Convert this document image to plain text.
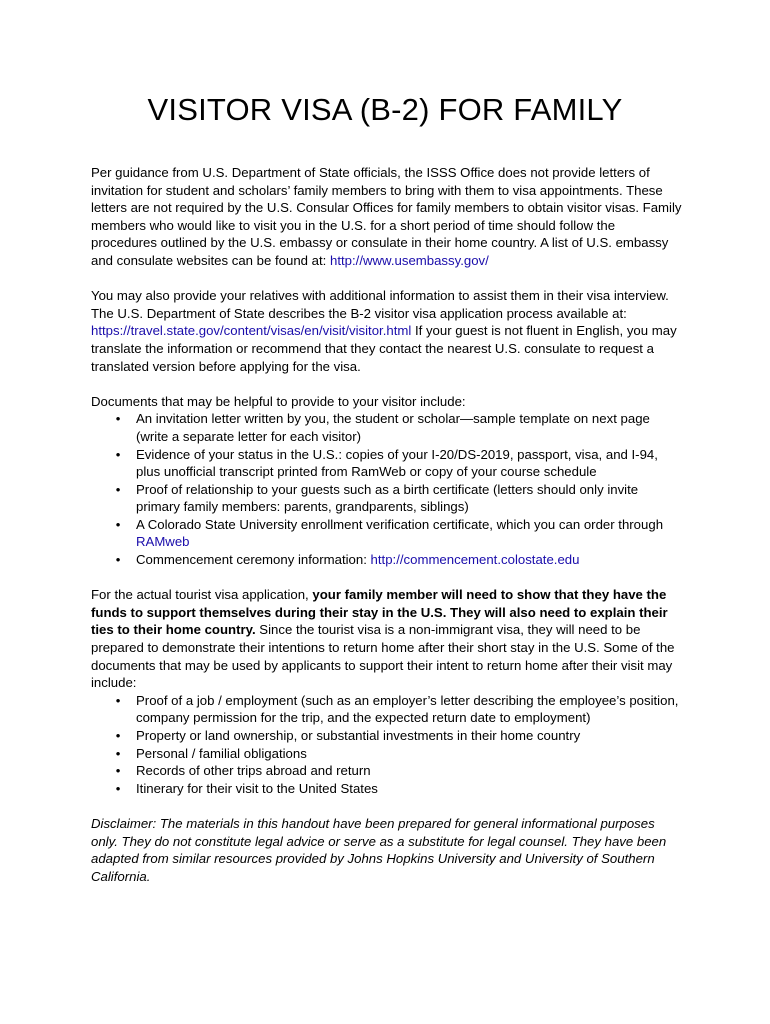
VISITOR VISA (B-2) FOR FAMILY

Per guidance from U.S. Department of State officials, the ISSS Office does not provide letters of invitation for student and scholars’ family members to bring with them to visa appointments. These letters are not required by the U.S. Consular Offices for family members to obtain visitor visas. Family members who would like to visit you in the U.S. for a short period of time should follow the procedures outlined by the U.S. embassy or consulate in their home country. A list of U.S. embassy and consulate websites can be found at: http://www.usembassy.gov/

You may also provide your relatives with additional information to assist them in their visa interview. The U.S. Department of State describes the B-2 visitor visa application process available at: https://travel.state.gov/content/visas/en/visit/visitor.html If your guest is not fluent in English, you may translate the information or recommend that they contact the nearest U.S. consulate to request a translated version before applying for the visa.

Documents that may be helpful to provide to your visitor include:

• An invitation letter written by you, the student or scholar—sample template on next page (write a separate letter for each visitor)
• Evidence of your status in the U.S.: copies of your I-20/DS-2019, passport, visa, and I-94, plus unofficial transcript printed from RamWeb or copy of your course schedule
• Proof of relationship to your guests such as a birth certificate (letters should only invite primary family members: parents, grandparents, siblings)
• A Colorado State University enrollment verification certificate, which you can order through RAMweb
• Commencement ceremony information: http://commencement.colostate.edu

For the actual tourist visa application, your family member will need to show that they have the funds to support themselves during their stay in the U.S. They will also need to explain their ties to their home country. Since the tourist visa is a non-immigrant visa, they will need to be prepared to demonstrate their intentions to return home after their short stay in the U.S. Some of the documents that may be used by applicants to support their intent to return home after their visit may include:

• Proof of a job / employment (such as an employer’s letter describing the employee’s position, company permission for the trip, and the expected return date to employment)
• Property or land ownership, or substantial investments in their home country
• Personal / familial obligations
• Records of other trips abroad and return
• Itinerary for their visit to the United States

Disclaimer: The materials in this handout have been prepared for general informational purposes only. They do not constitute legal advice or serve as a substitute for legal counsel. They have been adapted from similar resources provided by Johns Hopkins University and University of Southern California.
